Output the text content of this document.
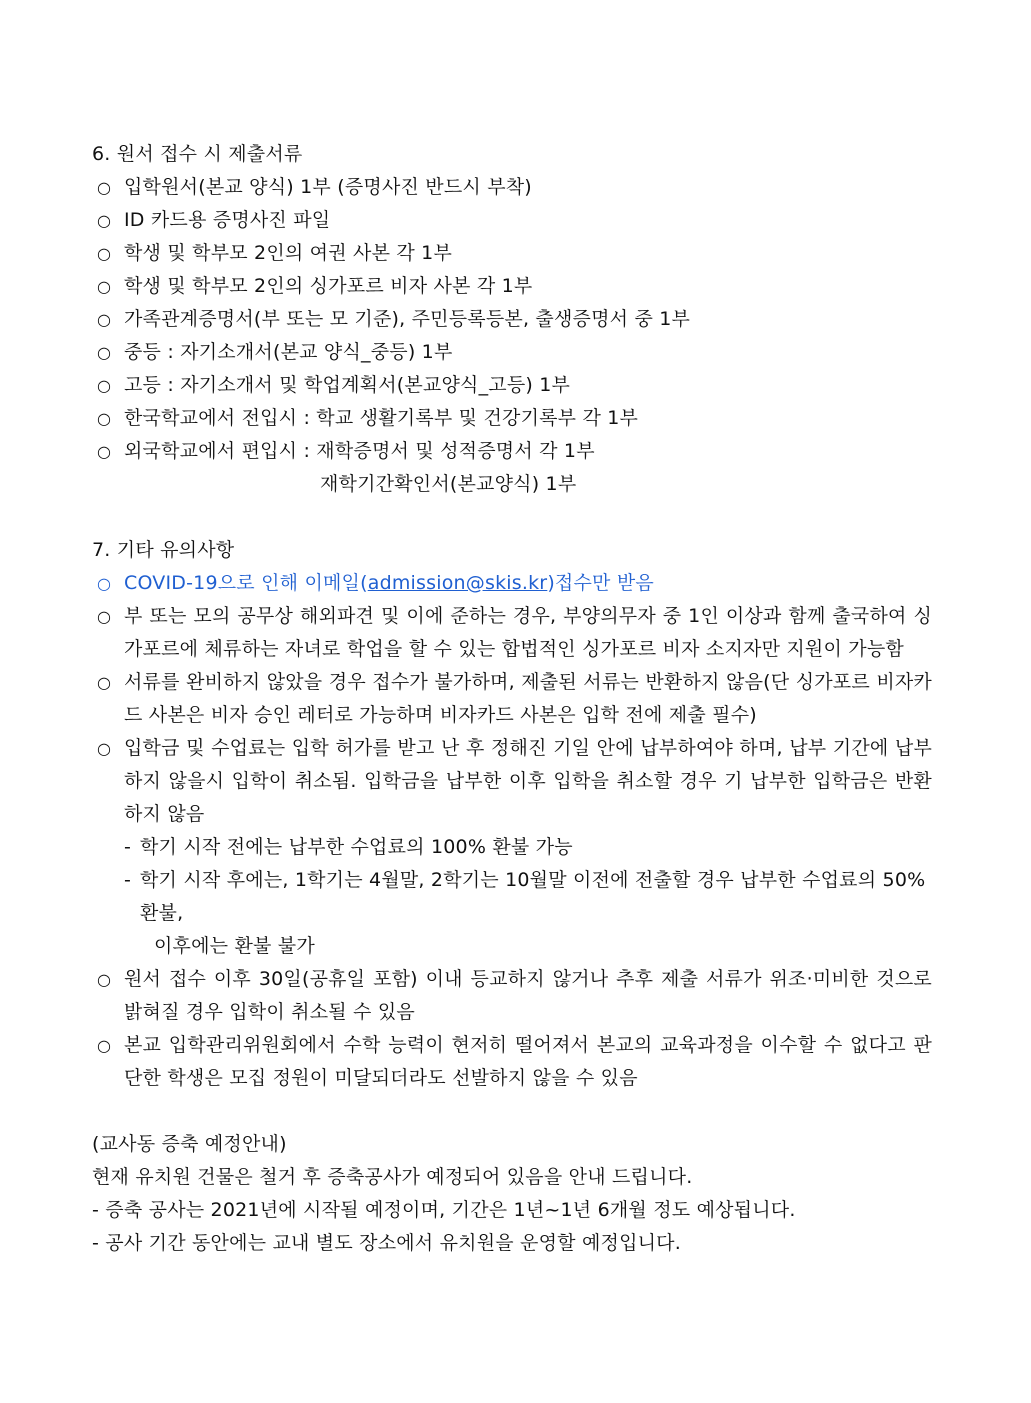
6. 원서 접수 시 제출서류
○ 입학원서(본교 양식) 1부 (증명사진 반드시 부착)
○ ID 카드용 증명사진 파일
○ 학생 및 학부모 2인의 여권 사본 각 1부
○ 학생 및 학부모 2인의 싱가포르 비자 사본 각 1부
○ 가족관계증명서(부 또는 모 기준), 주민등록등본, 출생증명서 중 1부
○ 중등 : 자기소개서(본교 양식_중등) 1부
○ 고등 : 자기소개서 및 학업계획서(본교양식_고등) 1부
○ 한국학교에서 전입시 : 학교 생활기록부 및 건강기록부 각 1부
○ 외국학교에서 편입시 : 재학증명서 및 성적증명서 각 1부
재학기간확인서(본교양식) 1부
7. 기타 유의사항
○ COVID-19으로 인해 이메일(admission@skis.kr)접수만 받음
○ 부 또는 모의 공무상 해외파견 및 이에 준하는 경우, 부양의무자 중 1인 이상과 함께 출국하여 싱가포르에 체류하는 자녀로 학업을 할 수 있는 합법적인 싱가포르 비자 소지자만 지원이 가능함
○ 서류를 완비하지 않았을 경우 접수가 불가하며, 제출된 서류는 반환하지 않음(단 싱가포르 비자카드 사본은 비자 승인 레터로 가능하며 비자카드 사본은 입학 전에 제출 필수)
○ 입학금 및 수업료는 입학 허가를 받고 난 후 정해진 기일 안에 납부하여야 하며, 납부 기간에 납부하지 않을시 입학이 취소됨. 입학금을 납부한 이후 입학을 취소할 경우 기 납부한 입학금은 반환하지 않음
- 학기 시작 전에는 납부한 수업료의 100% 환불 가능
- 학기 시작 후에는, 1학기는 4월말, 2학기는 10월말 이전에 전출할 경우 납부한 수업료의 50% 환불,
이후에는 환불 불가
○ 원서 접수 이후 30일(공휴일 포함) 이내 등교하지 않거나 추후 제출 서류가 위조·미비한 것으로 밝혀질 경우 입학이 취소될 수 있음
○ 본교 입학관리위원회에서 수학 능력이 현저히 떨어져서 본교의 교육과정을 이수할 수 없다고 판단한 학생은 모집 정원이 미달되더라도 선발하지 않을 수 있음
(교사동 증축 예정안내)
현재 유치원 건물은 철거 후 증축공사가 예정되어 있음을 안내 드립니다.
- 증축 공사는 2021년에 시작될 예정이며, 기간은 1년~1년 6개월 정도 예상됩니다.
- 공사 기간 동안에는 교내 별도 장소에서 유치원을 운영할 예정입니다.
